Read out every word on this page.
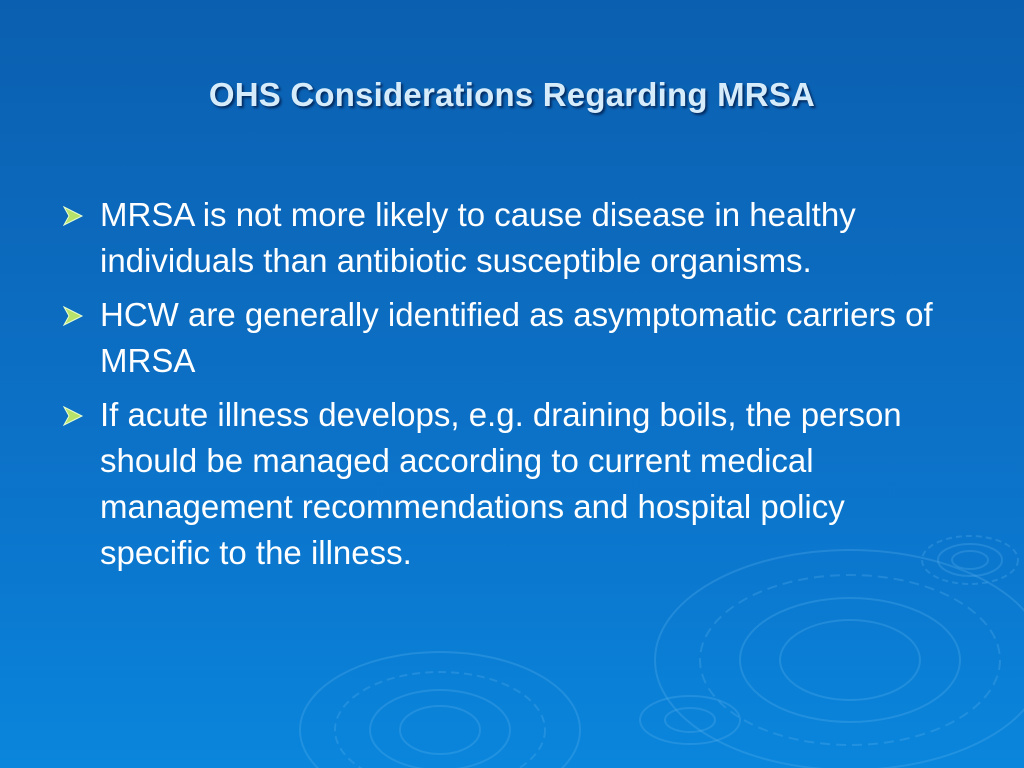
OHS Considerations Regarding MRSA
MRSA is not more likely to cause disease in healthy individuals than antibiotic susceptible organisms.
HCW are generally identified as asymptomatic carriers of MRSA
If acute illness develops, e.g. draining boils, the person should be managed according to current medical management recommendations and hospital policy specific to the illness.
